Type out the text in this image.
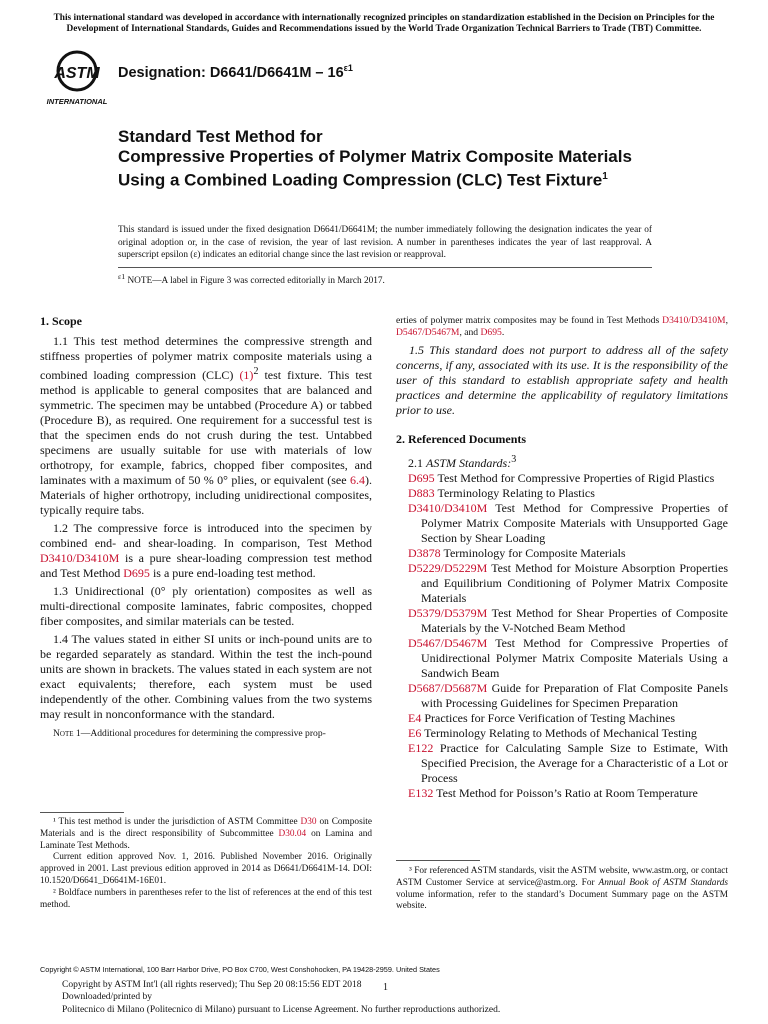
This international standard was developed in accordance with internationally recognized principles on standardization established in the Decision on Principles for the Development of International Standards, Guides and Recommendations issued by the World Trade Organization Technical Barriers to Trade (TBT) Committee.
ASTM
INTERNATIONAL
Designation: $D6641/D6641M - 16^{\varepsilon 1}$
Standard Test Method for
Compressive Properties of Polymer Matrix Composite Materials Using a Combined Loading Compression (CLC) Test Fixture$^1$
This standard is issued under the fixed designation D6641/D6641M; the number immediately following the designation indicates the year of original adoption or, in the case of revision, the year of last revision. A number in parentheses indicates the year of last reapproval. A superscript epsilon (ε) indicates an editorial change since the last revision or reapproval.
$^{\varepsilon 1}$ NOTE—A label in Figure 3 was corrected editorially in March 2017.
1. Scope

1.1 This test method determines the compressive strength and stiffness properties of polymer matrix composite materials using a combined loading compression (CLC) $(1)^2$ test fixture. This test method is applicable to general composites that are balanced and symmetric. The specimen may be untabbed (Procedure A) or tabbed (Procedure B), as required. One requirement for a successful test is that the specimen ends do not crush during the test. Untabbed specimens are usually suitable for use with materials of low orthotropy, for example, fabrics, chopped fiber composites, and laminates with a maximum of 50 % 0° plies, or equivalent (see 6.4). Materials of higher orthotropy, including unidirectional composites, typically require tabs.

1.2 The compressive force is introduced into the specimen by combined end- and shear-loading. In comparison, Test Method D3410/D3410M is a pure shear-loading compression test method and Test Method D695 is a pure end-loading test method.

1.3 Unidirectional (0° ply orientation) composites as well as multi-directional composite laminates, fabric composites, chopped fiber composites, and similar materials can be tested.

1.4 The values stated in either SI units or inch-pound units are to be regarded separately as standard. Within the test the inch-pound units are shown in brackets. The values stated in each system are not exact equivalents; therefore, each system must be used independently of the other. Combining values from the two systems may result in nonconformance with the standard.

Note 1—Additional procedures for determining the compressive prop-

¹ This test method is under the jurisdiction of ASTM Committee D30 on Composite Materials and is the direct responsibility of Subcommittee D30.04 on Lamina and Laminate Test Methods.
Current edition approved Nov. 1, 2016. Published November 2016. Originally approved in 2001. Last previous edition approved in 2014 as D6641/D6641M-14. DOI: 10.1520/D6641_D6641M-16E01.
² Boldface numbers in parentheses refer to the list of references at the end of this test method.

erties of polymer matrix composites may be found in Test Methods D3410/D3410M, D5467/D5467M, and D695.

1.5 This standard does not purport to address all of the safety concerns, if any, associated with its use. It is the responsibility of the user of this standard to establish appropriate safety and health practices and determine the applicability of regulatory limitations prior to use.

2. Referenced Documents
2.1 ASTM Standards:$^3$
D695 Test Method for Compressive Properties of Rigid Plastics
D883 Terminology Relating to Plastics
D3410/D3410M Test Method for Compressive Properties of Polymer Matrix Composite Materials with Unsupported Gage Section by Shear Loading
D3878 Terminology for Composite Materials
D5229/D5229M Test Method for Moisture Absorption Properties and Equilibrium Conditioning of Polymer Matrix Composite Materials
D5379/D5379M Test Method for Shear Properties of Composite Materials by the V-Notched Beam Method
D5467/D5467M Test Method for Compressive Properties of Unidirectional Polymer Matrix Composite Materials Using a Sandwich Beam
D5687/D5687M Guide for Preparation of Flat Composite Panels with Processing Guidelines for Specimen Preparation
E4 Practices for Force Verification of Testing Machines
E6 Terminology Relating to Methods of Mechanical Testing
E122 Practice for Calculating Sample Size to Estimate, With Specified Precision, the Average for a Characteristic of a Lot or Process
E132 Test Method for Poisson’s Ratio at Room Temperature
³ For referenced ASTM standards, visit the ASTM website, www.astm.org, or contact ASTM Customer Service at service@astm.org. For Annual Book of ASTM Standards volume information, refer to the standard’s Document Summary page on the ASTM website.
Copyright © ASTM International, 100 Barr Harbor Drive, PO Box C700, West Conshohocken, PA 19428-2959. United States
Copyright by ASTM Int'l (all rights reserved); Thu Sep 20 08:15:56 EDT 2018
Downloaded/printed by
Politecnico di Milano (Politecnico di Milano) pursuant to License Agreement. No further reproductions authorized.
1
